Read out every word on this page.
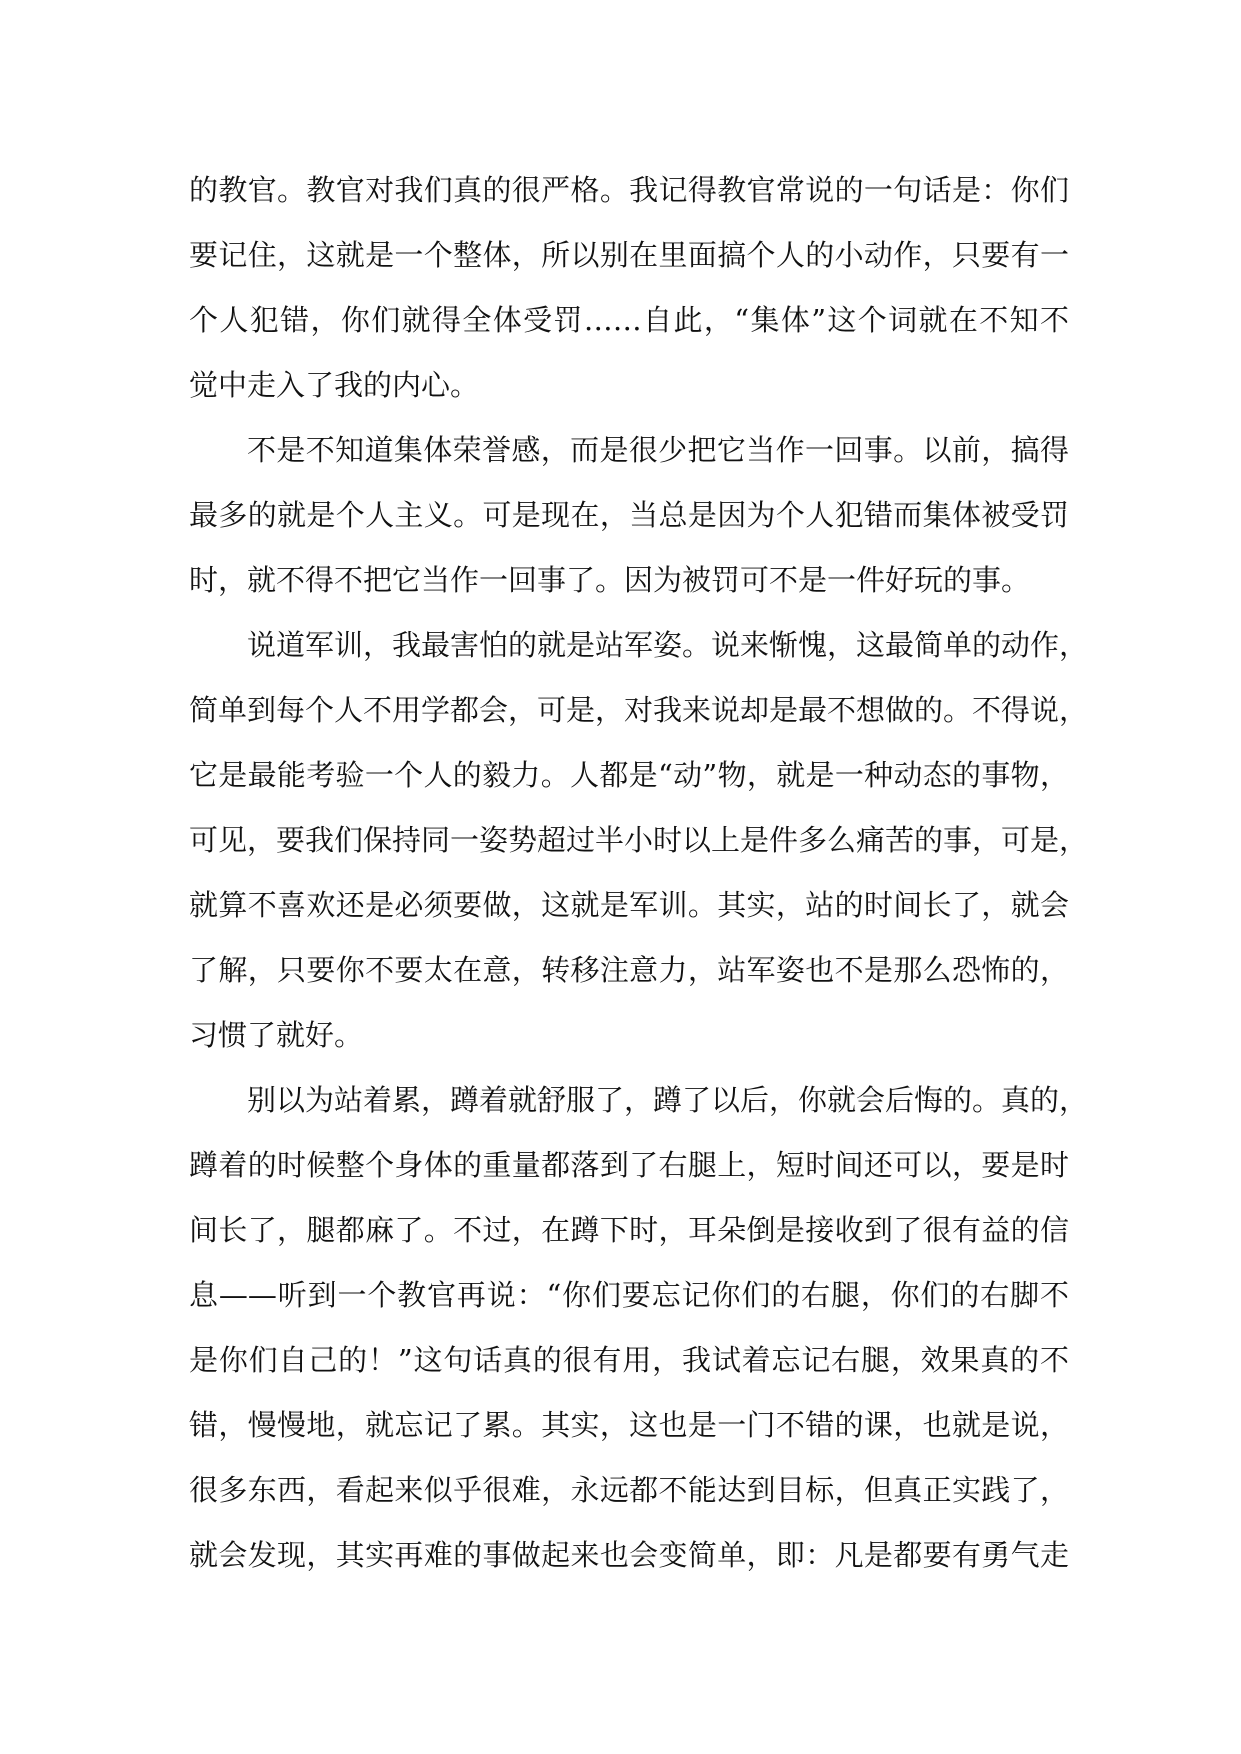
的教官。教官对我们真的很严格。我记得教官常说的一句话是：你们
要记住，这就是一个整体，所以别在里面搞个人的小动作，只要有一
个人犯错，你们就得全体受罚……自此，“集体”这个词就在不知不
觉中走入了我的内心。
不是不知道集体荣誉感，而是很少把它当作一回事。以前，搞得
最多的就是个人主义。可是现在，当总是因为个人犯错而集体被受罚
时，就不得不把它当作一回事了。因为被罚可不是一件好玩的事。
说道军训，我最害怕的就是站军姿。说来惭愧，这最简单的动作，
简单到每个人不用学都会，可是，对我来说却是最不想做的。不得说，
它是最能考验一个人的毅力。人都是“动”物，就是一种动态的事物，
可见，要我们保持同一姿势超过半小时以上是件多么痛苦的事，可是，
就算不喜欢还是必须要做，这就是军训。其实，站的时间长了，就会
了解，只要你不要太在意，转移注意力，站军姿也不是那么恐怖的，
习惯了就好。
别以为站着累，蹲着就舒服了，蹲了以后，你就会后悔的。真的，
蹲着的时候整个身体的重量都落到了右腿上，短时间还可以，要是时
间长了，腿都麻了。不过，在蹲下时，耳朵倒是接收到了很有益的信
息——听到一个教官再说：“你们要忘记你们的右腿，你们的右脚不
是你们自己的！”这句话真的很有用，我试着忘记右腿，效果真的不
错，慢慢地，就忘记了累。其实，这也是一门不错的课，也就是说，
很多东西，看起来似乎很难，永远都不能达到目标，但真正实践了，
就会发现，其实再难的事做起来也会变简单，即：凡是都要有勇气走
